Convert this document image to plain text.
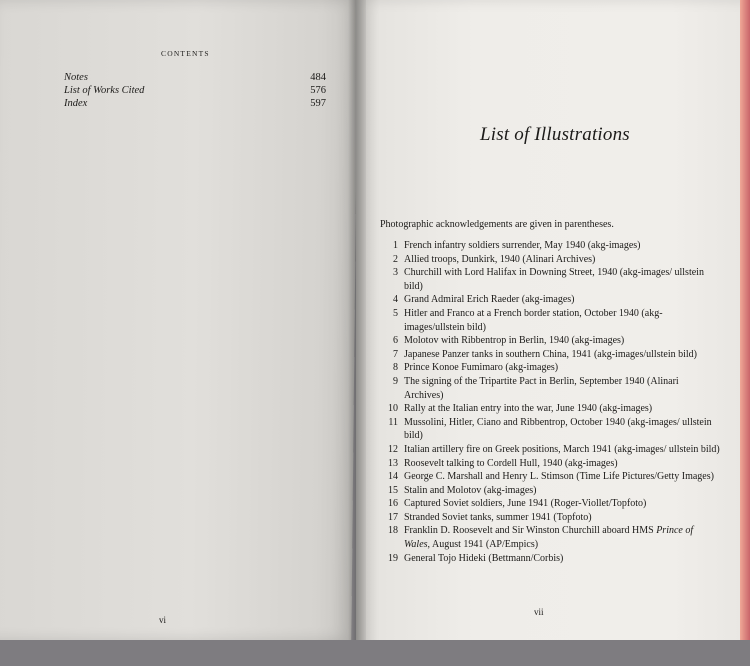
CONTENTS
Notes	484
List of Works Cited	576
Index	597
vi
List of Illustrations
Photographic acknowledgements are given in parentheses.
1 French infantry soldiers surrender, May 1940 (akg-images)
2 Allied troops, Dunkirk, 1940 (Alinari Archives)
3 Churchill with Lord Halifax in Downing Street, 1940 (akg-images/ ullstein bild)
4 Grand Admiral Erich Raeder (akg-images)
5 Hitler and Franco at a French border station, October 1940 (akg-images/ullstein bild)
6 Molotov with Ribbentrop in Berlin, 1940 (akg-images)
7 Japanese Panzer tanks in southern China, 1941 (akg-images/ullstein bild)
8 Prince Konoe Fumimaro (akg-images)
9 The signing of the Tripartite Pact in Berlin, September 1940 (Alinari Archives)
10 Rally at the Italian entry into the war, June 1940 (akg-images)
11 Mussolini, Hitler, Ciano and Ribbentrop, October 1940 (akg-images/ ullstein bild)
12 Italian artillery fire on Greek positions, March 1941 (akg-images/ ullstein bild)
13 Roosevelt talking to Cordell Hull, 1940 (akg-images)
14 George C. Marshall and Henry L. Stimson (Time Life Pictures/Getty Images)
15 Stalin and Molotov (akg-images)
16 Captured Soviet soldiers, June 1941 (Roger-Viollet/Topfoto)
17 Stranded Soviet tanks, summer 1941 (Topfoto)
18 Franklin D. Roosevelt and Sir Winston Churchill aboard HMS Prince of Wales, August 1941 (AP/Empics)
19 General Tojo Hideki (Bettmann/Corbis)
vii
